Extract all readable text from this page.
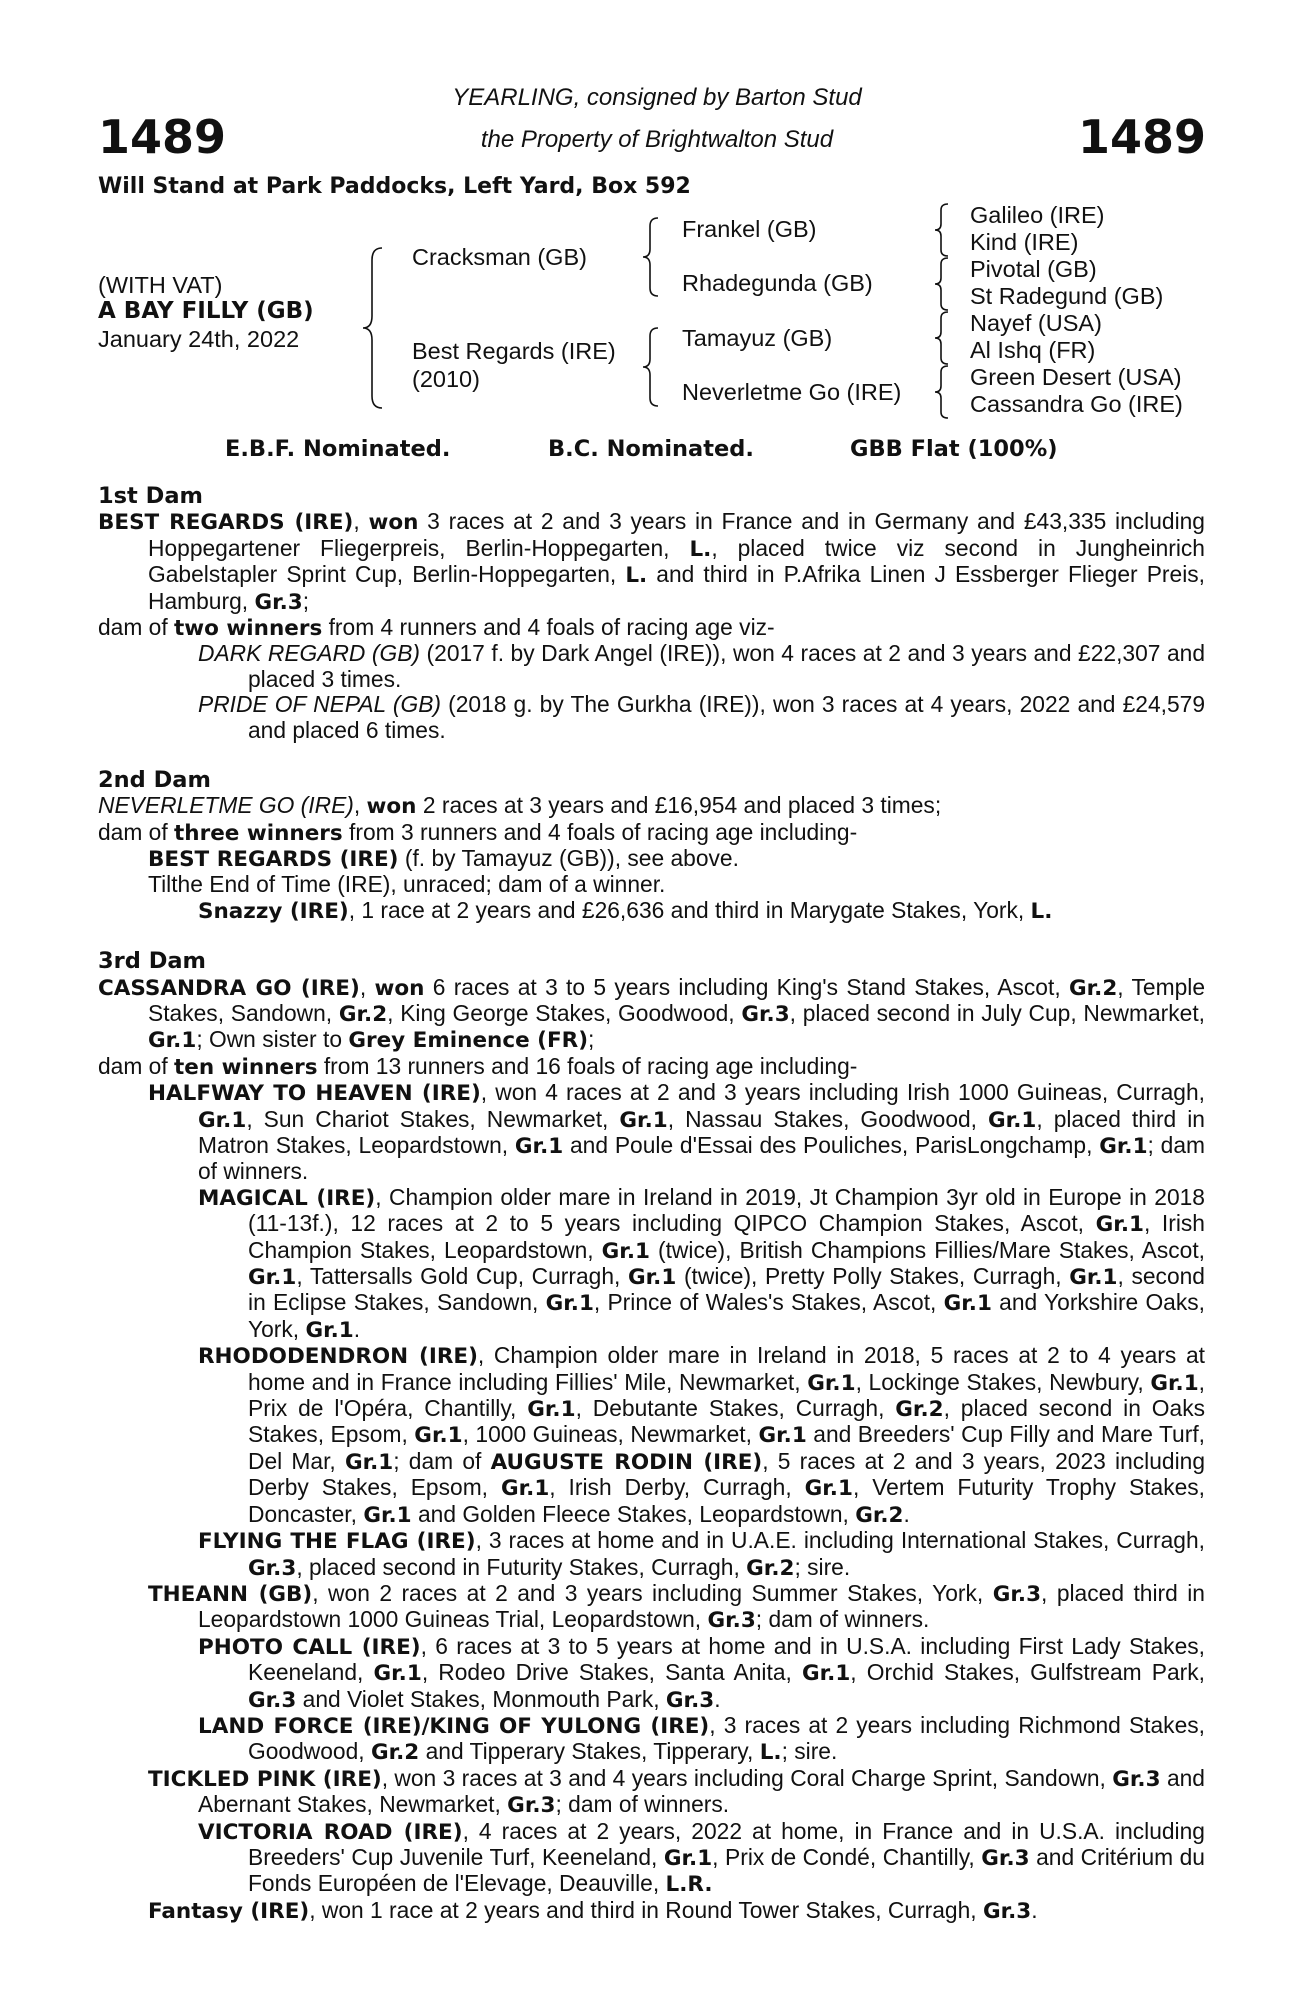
1489	1489
YEARLING, consigned by Barton Stud
the Property of Brightwalton Stud
Will Stand at Park Paddocks, Left Yard, Box 592
(WITH VAT)
A BAY FILLY (GB)
January 24th, 2022
Cracksman (GB)
Best Regards (IRE)
(2010)
Frankel (GB)
Rhadegunda (GB)
Tamayuz (GB)
Neverletme Go (IRE)
Galileo (IRE)
Kind (IRE)
Pivotal (GB)
St Radegund (GB)
Nayef (USA)
Al Ishq (FR)
Green Desert (USA)
Cassandra Go (IRE)
E.B.F. Nominated.	B.C. Nominated.	GBB Flat (100%)
1st Dam

BEST REGARDS (IRE), won 3 races at 2 and 3 years in France and in Germany and £43,335 including Hoppegartener Fliegerpreis, Berlin-Hoppegarten, L., placed twice viz second in Jungheinrich Gabelstapler Sprint Cup, Berlin-Hoppegarten, L. and third in P.Afrika Linen J Essberger Flieger Preis, Hamburg, Gr.3;

dam of two winners from 4 runners and 4 foals of racing age viz-

DARK REGARD (GB) (2017 f. by Dark Angel (IRE)), won 4 races at 2 and 3 years and £22,307 and placed 3 times.

PRIDE OF NEPAL (GB) (2018 g. by The Gurkha (IRE)), won 3 races at 4 years, 2022 and £24,579 and placed 6 times.

2nd Dam

NEVERLETME GO (IRE), won 2 races at 3 years and £16,954 and placed 3 times;

dam of three winners from 3 runners and 4 foals of racing age including-

BEST REGARDS (IRE) (f. by Tamayuz (GB)), see above.

Tilthe End of Time (IRE), unraced; dam of a winner.

Snazzy (IRE), 1 race at 2 years and £26,636 and third in Marygate Stakes, York, L.

3rd Dam

CASSANDRA GO (IRE), won 6 races at 3 to 5 years including King's Stand Stakes, Ascot, Gr.2, Temple Stakes, Sandown, Gr.2, King George Stakes, Goodwood, Gr.3, placed second in July Cup, Newmarket, Gr.1; Own sister to Grey Eminence (FR);

dam of ten winners from 13 runners and 16 foals of racing age including-

HALFWAY TO HEAVEN (IRE), won 4 races at 2 and 3 years including Irish 1000 Guineas, Curragh, Gr.1, Sun Chariot Stakes, Newmarket, Gr.1, Nassau Stakes, Goodwood, Gr.1, placed third in Matron Stakes, Leopardstown, Gr.1 and Poule d'Essai des Pouliches, ParisLongchamp, Gr.1; dam of winners.

MAGICAL (IRE), Champion older mare in Ireland in 2019, Jt Champion 3yr old in Europe in 2018 (11-13f.), 12 races at 2 to 5 years including QIPCO Champion Stakes, Ascot, Gr.1, Irish Champion Stakes, Leopardstown, Gr.1 (twice), British Champions Fillies/Mare Stakes, Ascot, Gr.1, Tattersalls Gold Cup, Curragh, Gr.1 (twice), Pretty Polly Stakes, Curragh, Gr.1, second in Eclipse Stakes, Sandown, Gr.1, Prince of Wales's Stakes, Ascot, Gr.1 and Yorkshire Oaks, York, Gr.1.

RHODODENDRON (IRE), Champion older mare in Ireland in 2018, 5 races at 2 to 4 years at home and in France including Fillies' Mile, Newmarket, Gr.1, Lockinge Stakes, Newbury, Gr.1, Prix de l'Opéra, Chantilly, Gr.1, Debutante Stakes, Curragh, Gr.2, placed second in Oaks Stakes, Epsom, Gr.1, 1000 Guineas, Newmarket, Gr.1 and Breeders' Cup Filly and Mare Turf, Del Mar, Gr.1; dam of AUGUSTE RODIN (IRE), 5 races at 2 and 3 years, 2023 including Derby Stakes, Epsom, Gr.1, Irish Derby, Curragh, Gr.1, Vertem Futurity Trophy Stakes, Doncaster, Gr.1 and Golden Fleece Stakes, Leopardstown, Gr.2.

FLYING THE FLAG (IRE), 3 races at home and in U.A.E. including International Stakes, Curragh, Gr.3, placed second in Futurity Stakes, Curragh, Gr.2; sire.

THEANN (GB), won 2 races at 2 and 3 years including Summer Stakes, York, Gr.3, placed third in Leopardstown 1000 Guineas Trial, Leopardstown, Gr.3; dam of winners.

PHOTO CALL (IRE), 6 races at 3 to 5 years at home and in U.S.A. including First Lady Stakes, Keeneland, Gr.1, Rodeo Drive Stakes, Santa Anita, Gr.1, Orchid Stakes, Gulfstream Park, Gr.3 and Violet Stakes, Monmouth Park, Gr.3.

LAND FORCE (IRE)/KING OF YULONG (IRE), 3 races at 2 years including Richmond Stakes, Goodwood, Gr.2 and Tipperary Stakes, Tipperary, L.; sire.

TICKLED PINK (IRE), won 3 races at 3 and 4 years including Coral Charge Sprint, Sandown, Gr.3 and Abernant Stakes, Newmarket, Gr.3; dam of winners.

VICTORIA ROAD (IRE), 4 races at 2 years, 2022 at home, in France and in U.S.A. including Breeders' Cup Juvenile Turf, Keeneland, Gr.1, Prix de Condé, Chantilly, Gr.3 and Critérium du Fonds Européen de l'Elevage, Deauville, L.R.

Fantasy (IRE), won 1 race at 2 years and third in Round Tower Stakes, Curragh, Gr.3.
